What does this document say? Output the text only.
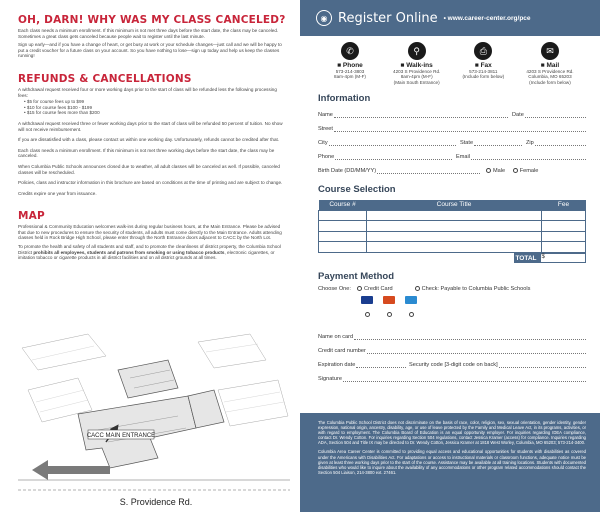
OH, DARN! WHY WAS MY CLASS CANCELED?
Each class needs a minimum enrollment. If this minimum is not met three days before the start date, the class may be canceled. Sometimes a great class gets canceled because people wait to register until the last minute.
Sign up early—and if you have a change of heart, or get busy at work or your schedule changes—just call and we will be happy to put a credit voucher for a future class on your account. So you have nothing to lose—sign up today and help us keep the classes running!
REFUNDS & CANCELLATIONS
A withdrawal request received four or more working days prior to the start of class will be refunded less the following processing fees:
• $5 for course fees up to $99
• $10 for course fees $100 - $199
• $15 for course fees more than $200
A withdrawal request received three or fewer working days prior to the start of class will be refunded 50 percent of tuition. No show will not receive reimbursement.
If you are dissatisfied with a class, please contact us within one working day. Unfortunately, refunds cannot be credited after that.
Each class needs a minimum enrollment. If this minimum is not met three working days before the start date, the class may be canceled.
When Columbia Public Schools announces closed due to weather, all adult classes will be canceled as well. If possible, canceled classes will be rescheduled.
Policies, class and instructor information in this brochure are based on conditions at the time of printing and are subject to change.
Credits expire one year from issuance.
MAP
Professional & Community Education welcomes walk-ins during regular business hours, at the Main Entrance. Please be advised that due to new procedures to ensure the security of students, all adults must come directly to the Main Entrance. Adults attending classes held in Rock Bridge High School, please enter through the North Entrance doors adjacent to CACC by the North Lot.
To promote the health and safety of all students and staff, and to promote the cleanliness of district property, the Columbia School District prohibits all employees, students and patrons from smoking or using tobacco products, electronic cigarettes, or imitation tobacco or cigarette products in all district facilities and on all district grounds at all times.
CACC MAIN ENTRANCE
S. Providence Rd.
◉ Register Online • www.career-center.org/pce
✆
■ Phone
573-214-3803
8am-4pm (M-F)
⚲
■ Walk-ins
4203 S Providence Rd.
8am-4pm (M-F)
(Main South Entrance)
⎙
■ Fax
573-214-3811
(Include form below)
✉
■ Mail
4203 S Providence Rd.
Columbia, MO 65203
(Include form below)
Information
Name	Date
Street
City	State	Zip
Phone	Email
Birth Date (DD/MM/YY)	Male	Female
Course Selection
Course #	Course Title	Fee

		TOTAL $
Payment Method
Choose One: Credit Card	Check: Payable to Columbia Public Schools
Name on card
Credit card number
Expiration date	Security code [3-digit code on back]
Signature
The Columbia Public School District does not discriminate on the basis of race, color, religion, sex, sexual orientation, gender identity, gender expression, national origin, ancestry, disability, age, or use of leave protected by the Family and Medical Leave Act, in its programs, activities, or with regard to employment. The Columbia Board of Education is an equal opportunity employer. For inquiries regarding IDEA compliance, contact Dr. Wendy Cotton. For inquiries regarding Section 504 regulations, contact Jessica Kramer (access) for compliance. Inquiries regarding ADA, Section 504 and Title IX may be directed to Dr. Wendy Cotton, Jessica Kramer at 1818 West Worley, Columbia, MO 65203; 573-214-3400.
Columbia Area Career Center is committed to providing equal access and educational opportunities for students with disabilities as covered under the Americans with Disabilities Act. For adaptations or access to instructional materials or classroom functions, adequate notice must be given at least three working days prior to the start of the course. Assistance may be available at all training locations. Students with documented disabilities who would like to inquire about the availability of any accommodations or other program related accommodations should contact the Section 504 Liaison, 214-3800 ext. 27461.
